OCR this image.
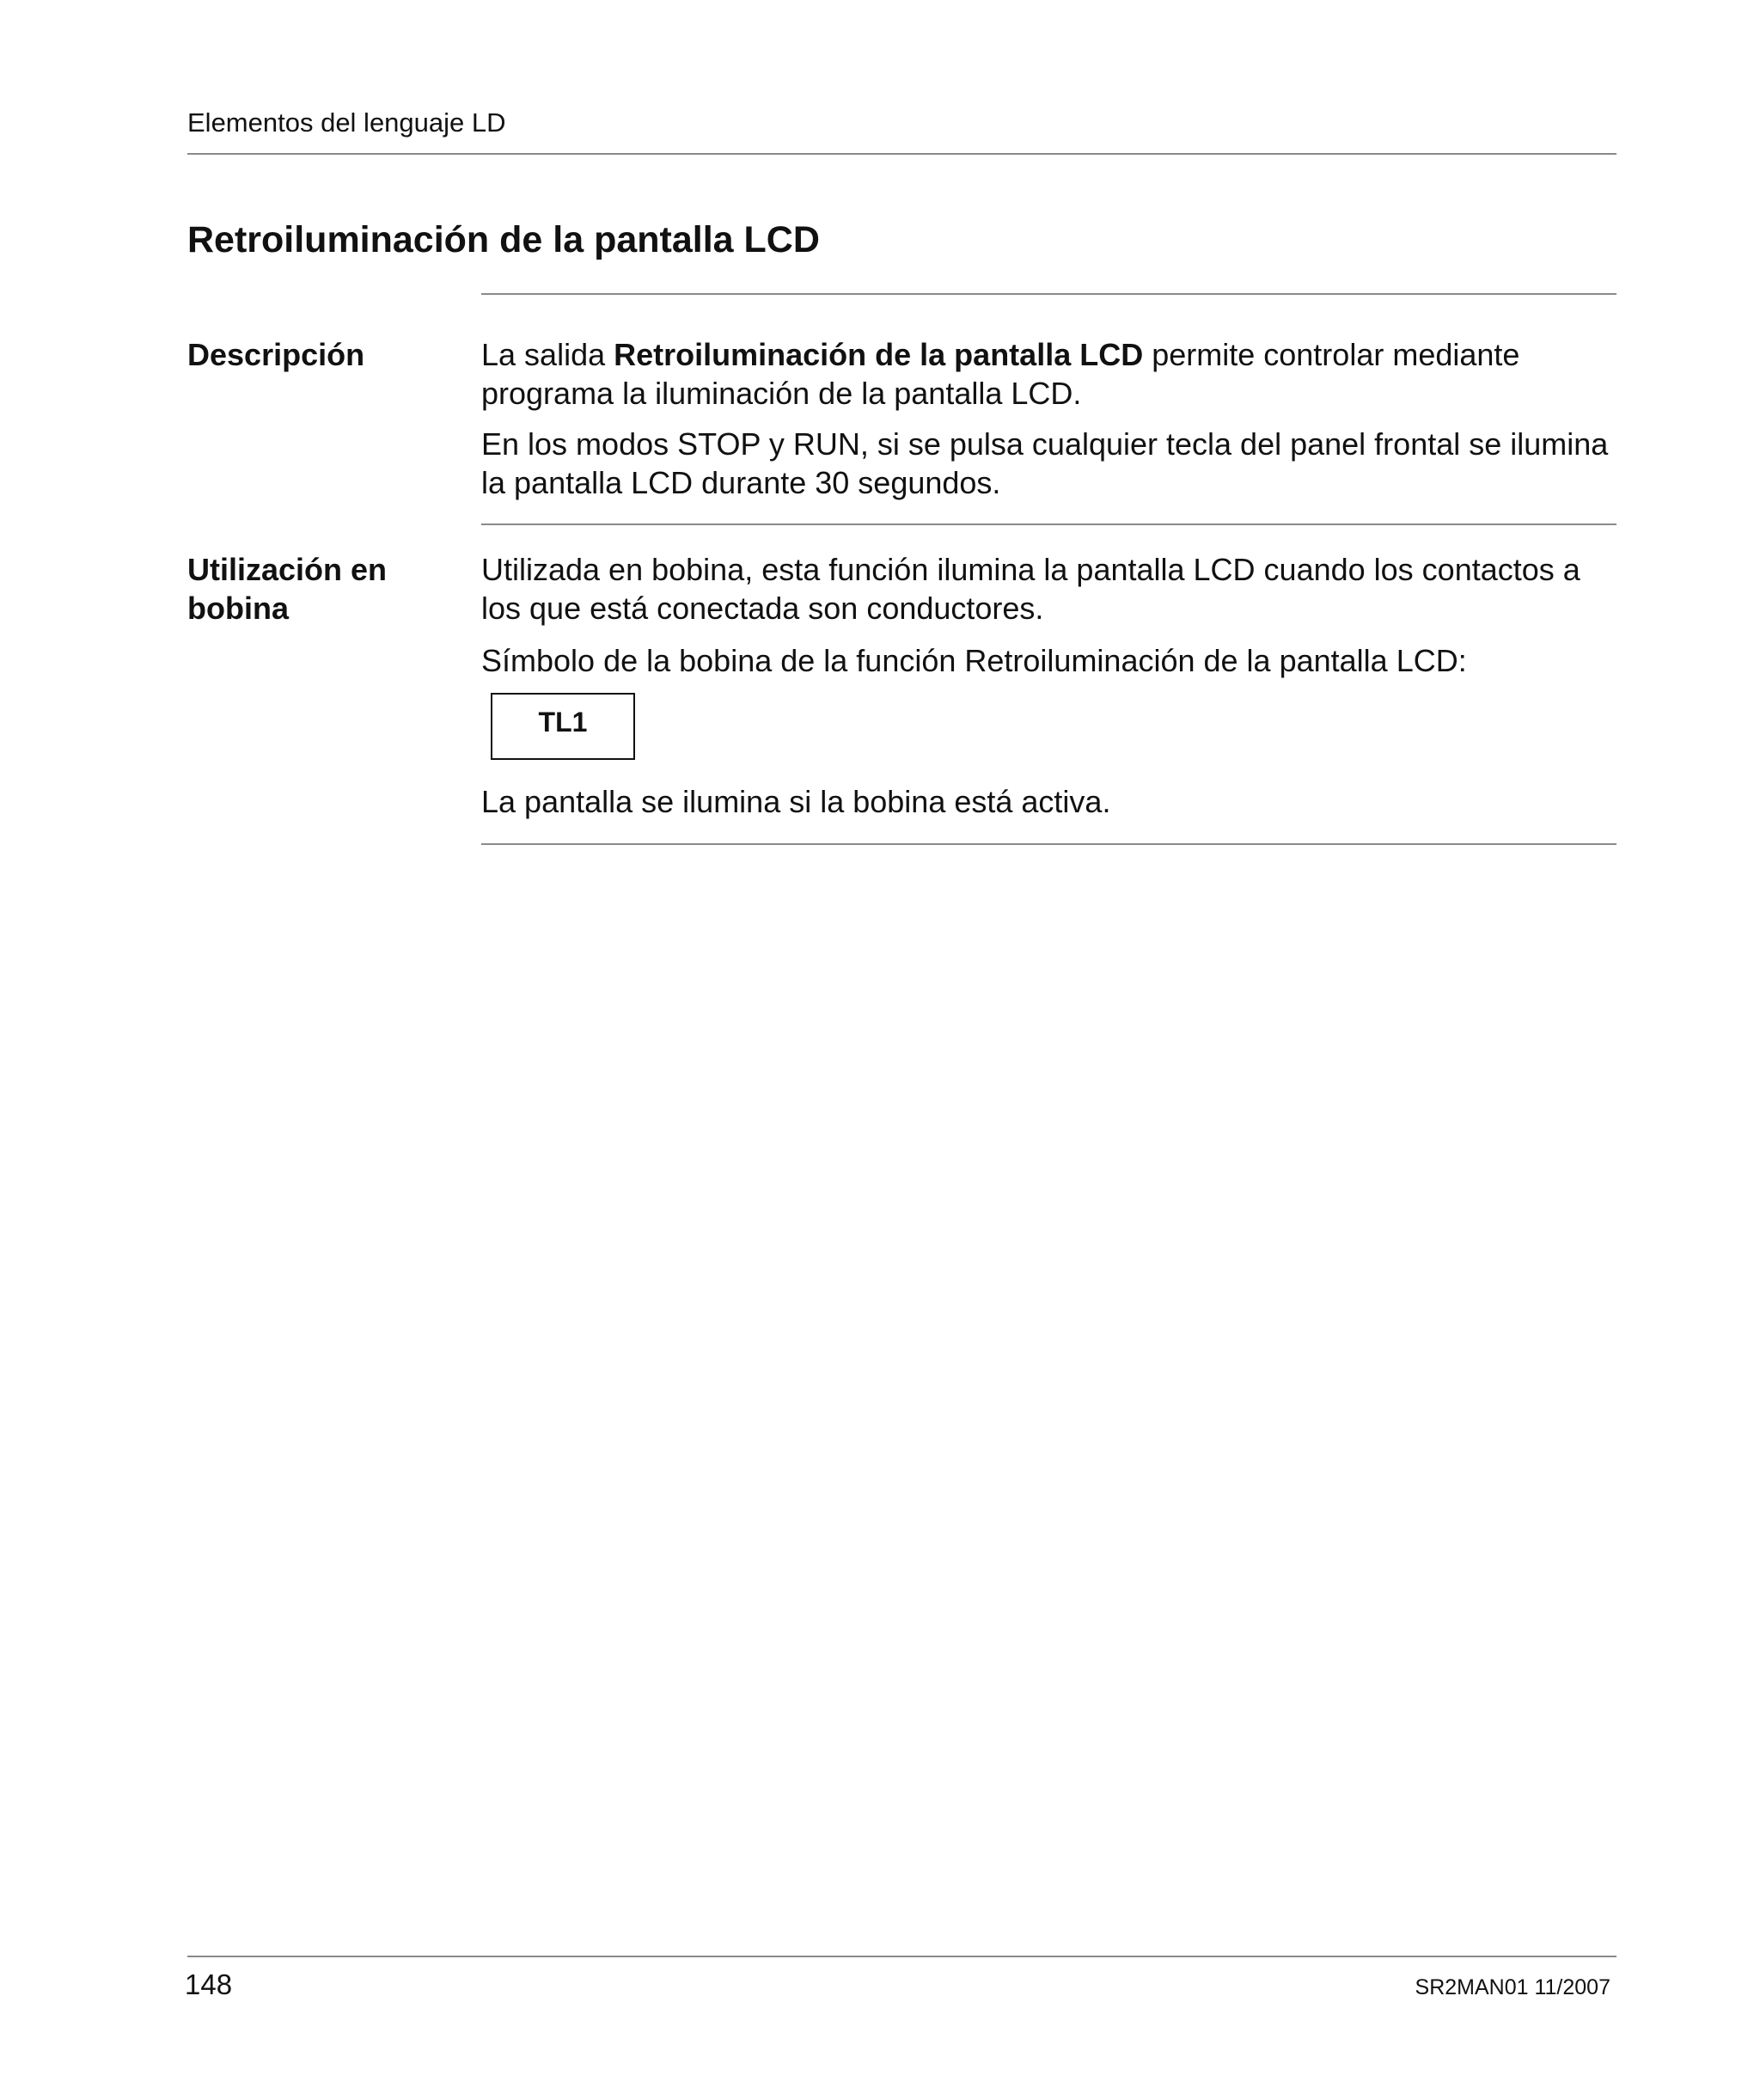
Elementos del lenguaje LD
Retroiluminación de la pantalla LCD
Descripción	La salida Retroiluminación de la pantalla LCD permite controlar mediante programa la iluminación de la pantalla LCD.

En los modos STOP y RUN, si se pulsa cualquier tecla del panel frontal se ilumina la pantalla LCD durante 30 segundos.

Utilización en bobina

Utilizada en bobina, esta función ilumina la pantalla LCD cuando los contactos a los que está conectada son conductores.

Símbolo de la bobina de la función Retroiluminación de la pantalla LCD:

TL1

La pantalla se ilumina si la bobina está activa.

148	SR2MAN01 11/2007
